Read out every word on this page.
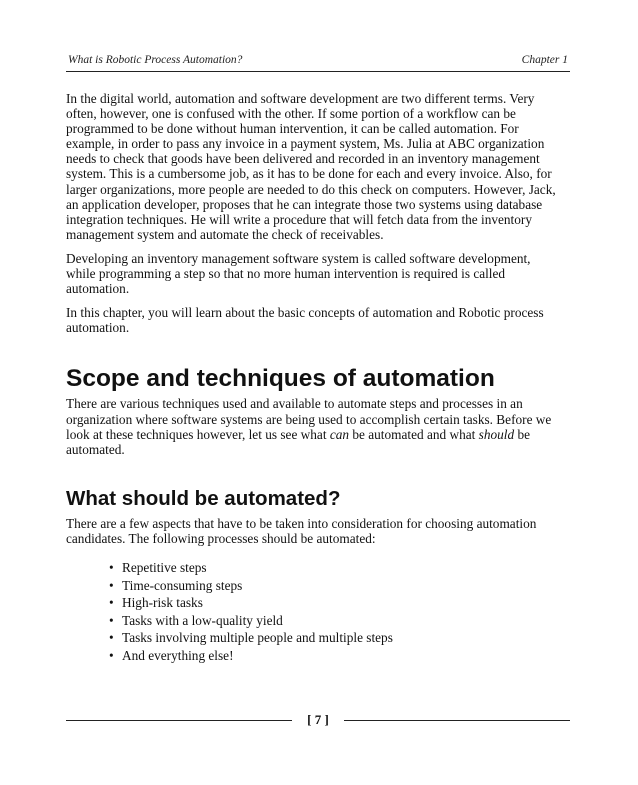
What is Robotic Process Automation?	Chapter 1

In the digital world, automation and software development are two different terms. Very often, however, one is confused with the other. If some portion of a workflow can be programmed to be done without human intervention, it can be called automation. For example, in order to pass any invoice in a payment system, Ms. Julia at ABC organization needs to check that goods have been delivered and recorded in an inventory management system. This is a cumbersome job, as it has to be done for each and every invoice. Also, for larger organizations, more people are needed to do this check on computers. However, Jack, an application developer, proposes that he can integrate those two systems using database integration techniques. He will write a procedure that will fetch data from the inventory management system and automate the check of receivables.

Developing an inventory management software system is called software development, while programming a step so that no more human intervention is required is called automation.

In this chapter, you will learn about the basic concepts of automation and Robotic process automation.

Scope and techniques of automation

There are various techniques used and available to automate steps and processes in an organization where software systems are being used to accomplish certain tasks. Before we look at these techniques however, let us see what can be automated and what should be automated.

What should be automated?

There are a few aspects that have to be taken into consideration for choosing automation candidates. The following processes should be automated:

• Repetitive steps
• Time-consuming steps
• High-risk tasks
• Tasks with a low-quality yield
• Tasks involving multiple people and multiple steps
• And everything else!
[ 7 ]
